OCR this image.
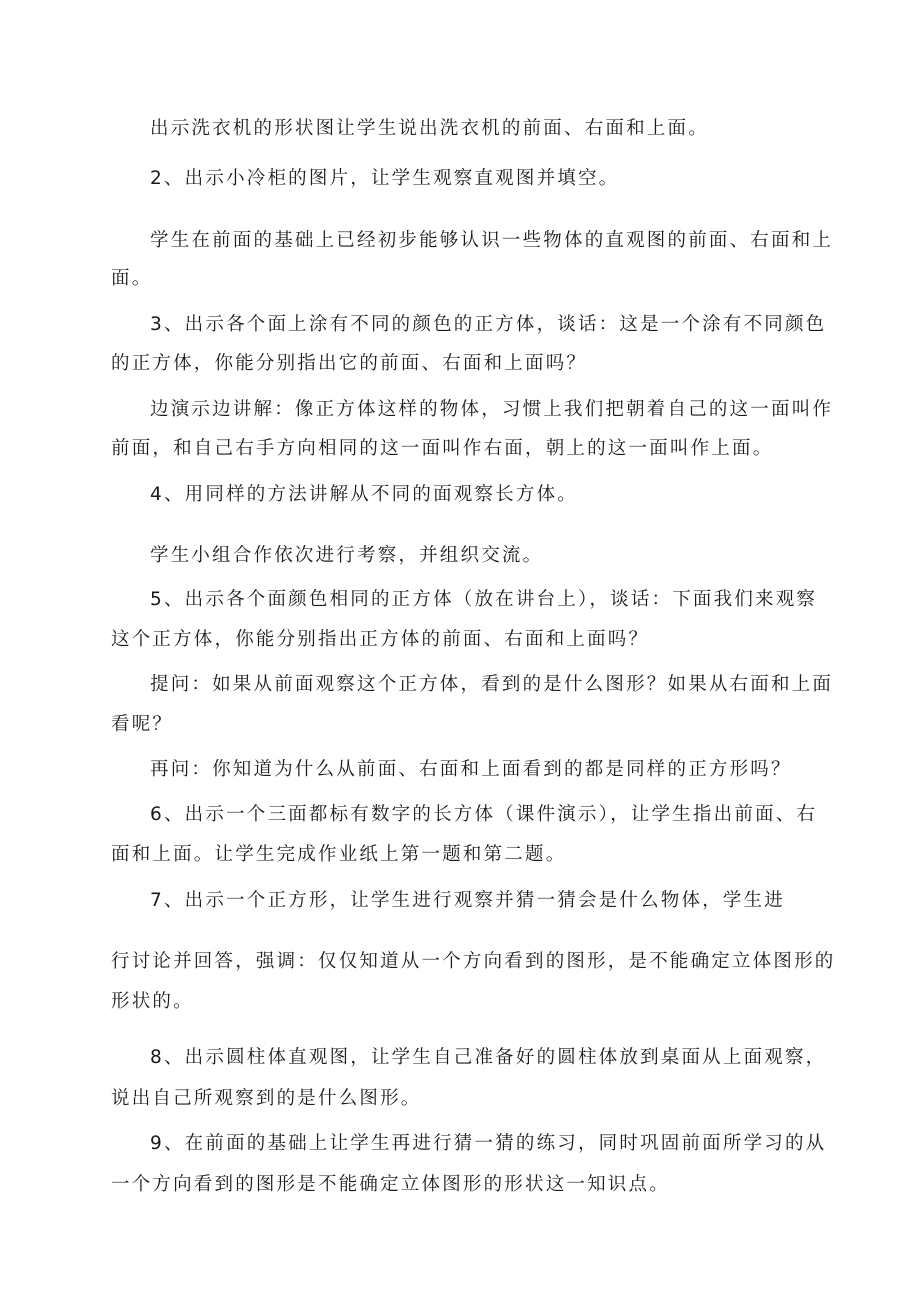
出示洗衣机的形状图让学生说出洗衣机的前面、右面和上面。
2、出示小冷柜的图片，让学生观察直观图并填空。
学生在前面的基础上已经初步能够认识一些物体的直观图的前面、右面和上
面。
3、出示各个面上涂有不同的颜色的正方体，谈话：这是一个涂有不同颜色
的正方体，你能分别指出它的前面、右面和上面吗？
边演示边讲解：像正方体这样的物体，习惯上我们把朝着自己的这一面叫作
前面，和自己右手方向相同的这一面叫作右面，朝上的这一面叫作上面。
4、用同样的方法讲解从不同的面观察长方体。
学生小组合作依次进行考察，并组织交流。
5、出示各个面颜色相同的正方体（放在讲台上），谈话：下面我们来观察
这个正方体，你能分别指出正方体的前面、右面和上面吗？
提问：如果从前面观察这个正方体，看到的是什么图形？如果从右面和上面
看呢？
再问：你知道为什么从前面、右面和上面看到的都是同样的正方形吗？
6、出示一个三面都标有数字的长方体（课件演示），让学生指出前面、右
面和上面。让学生完成作业纸上第一题和第二题。
7、出示一个正方形，让学生进行观察并猜一猜会是什么物体，学生进
行讨论并回答，强调：仅仅知道从一个方向看到的图形，是不能确定立体图形的
形状的。
8、出示圆柱体直观图，让学生自己准备好的圆柱体放到桌面从上面观察，
说出自己所观察到的是什么图形。
9、在前面的基础上让学生再进行猜一猜的练习，同时巩固前面所学习的从
一个方向看到的图形是不能确定立体图形的形状这一知识点。
